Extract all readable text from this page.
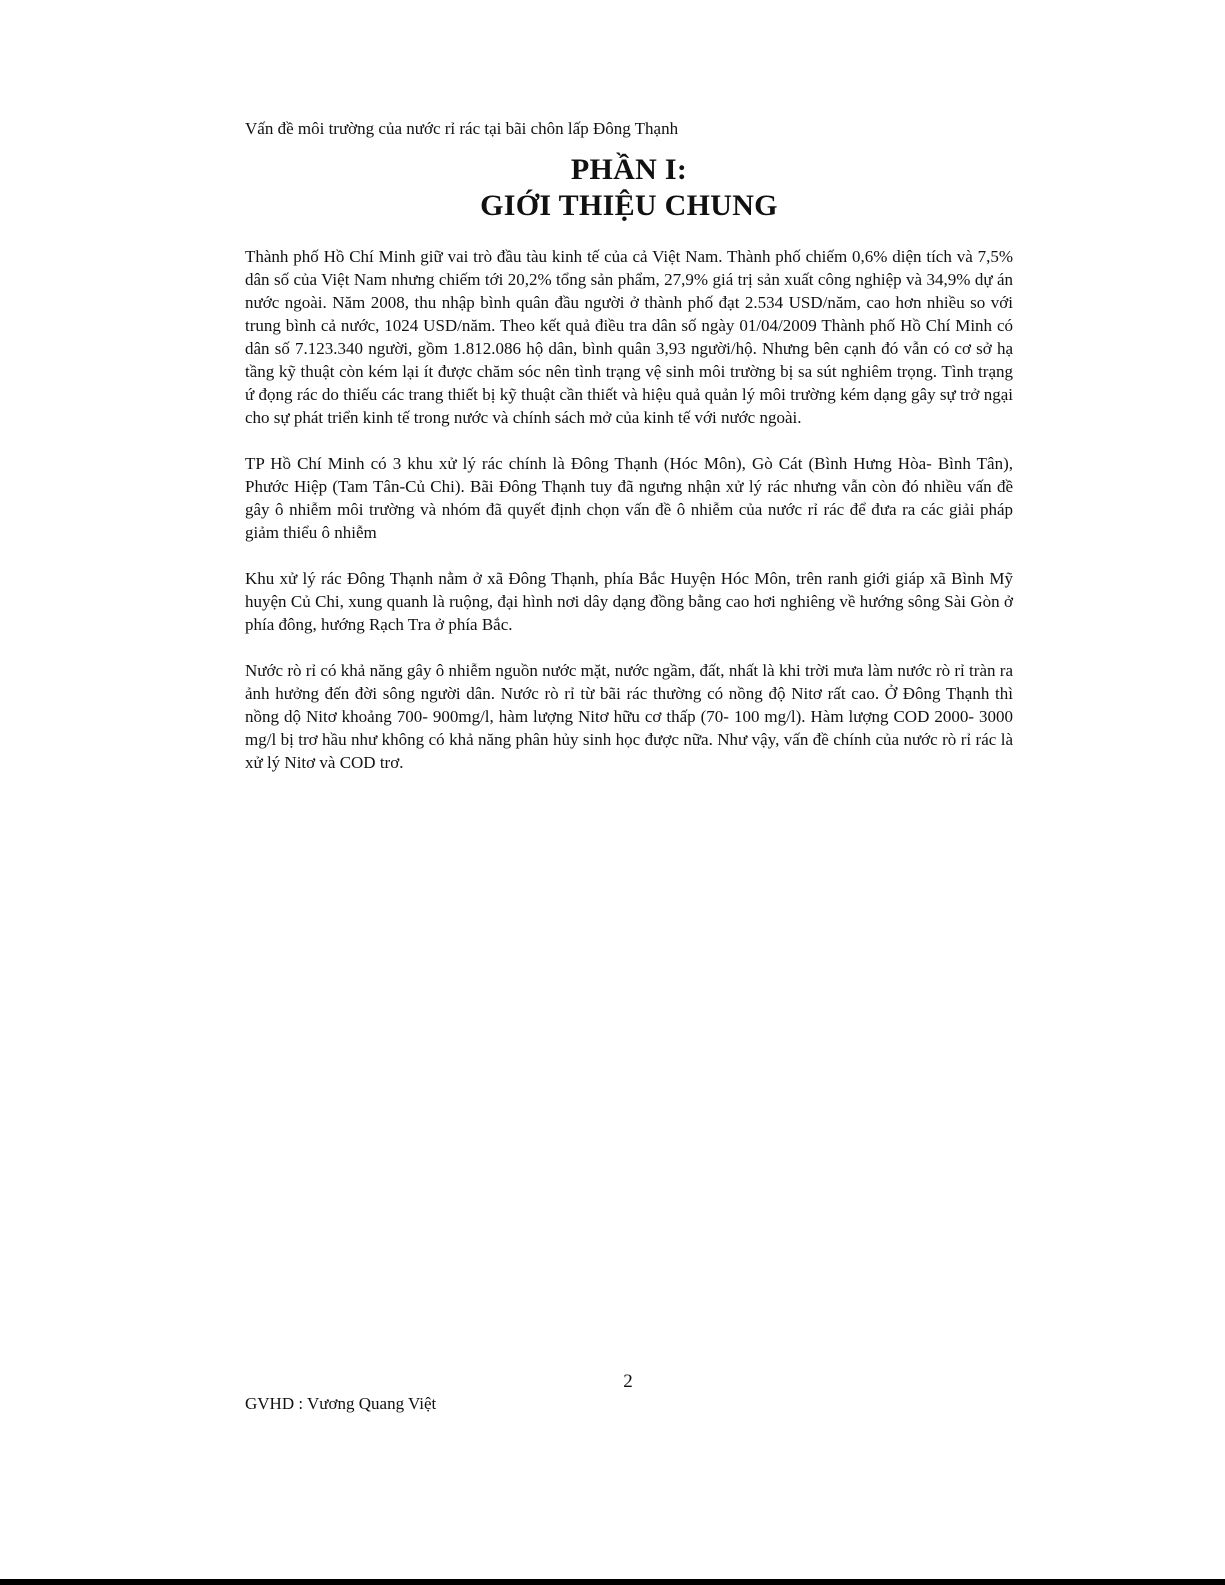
Vấn đề môi trường của nước rỉ rác tại bãi chôn lấp Đông Thạnh
PHẦN I:
GIỚI THIỆU CHUNG

Thành phố Hồ Chí Minh giữ vai trò đầu tàu kinh tế của cả Việt Nam. Thành phố chiếm 0,6% diện tích và 7,5% dân số của Việt Nam nhưng chiếm tới 20,2% tổng sản phẩm, 27,9% giá trị sản xuất công nghiệp và 34,9% dự án nước ngoài. Năm 2008, thu nhập bình quân đầu người ở thành phố đạt 2.534 USD/năm, cao hơn nhiều so với trung bình cả nước, 1024 USD/năm. Theo kết quả điều tra dân số ngày 01/04/2009 Thành phố Hồ Chí Minh có dân số 7.123.340 người, gồm 1.812.086 hộ dân, bình quân 3,93 người/hộ. Nhưng bên cạnh đó vẫn có cơ sở hạ tầng kỹ thuật còn kém lại ít được chăm sóc nên tình trạng vệ sinh môi trường bị sa sút nghiêm trọng. Tình trạng ứ đọng rác do thiếu các trang thiết bị kỹ thuật cần thiết và hiệu quả quản lý môi trường kém dạng gây sự trở ngại cho sự phát triển kinh tế trong nước và chính sách mở của kinh tế với nước ngoài.

TP Hồ Chí Minh có 3 khu xử lý rác chính là Đông Thạnh (Hóc Môn), Gò Cát (Bình Hưng Hòa- Bình Tân), Phước Hiệp (Tam Tân-Củ Chi). Bãi Đông Thạnh tuy đã ngưng nhận xử lý rác nhưng vẫn còn đó nhiều vấn đề gây ô nhiễm môi trường và nhóm đã quyết định chọn vấn đề ô nhiễm của nước rỉ rác để đưa ra các giải pháp giảm thiểu ô nhiễm

Khu xử lý rác Đông Thạnh nằm ở xã Đông Thạnh, phía Bắc Huyện Hóc Môn, trên ranh giới giáp xã Bình Mỹ huyện Củ Chi, xung quanh là ruộng, đại hình nơi dây dạng đồng bằng cao hơi nghiêng về hướng sông Sài Gòn ở phía đông, hướng Rạch Tra ở phía Bắc.

Nước rò rỉ có khả năng gây ô nhiễm nguồn nước mặt, nước ngầm, đất, nhất là khi trời mưa làm nước rò rỉ tràn ra ảnh hưởng đến đời sông người dân. Nước rò rỉ từ bãi rác thường có nồng độ Nitơ rất cao. Ở Đông Thạnh thì nồng dộ Nitơ khoảng 700- 900mg/l, hàm lượng Nitơ hữu cơ thấp (70- 100 mg/l). Hàm lượng COD 2000- 3000 mg/l bị trơ hầu như không có khả năng phân hủy sinh học được nữa. Như vậy, vấn đề chính của nước rò rỉ rác là xử lý Nitơ và COD trơ.

2
GVHD : Vương Quang Việt
